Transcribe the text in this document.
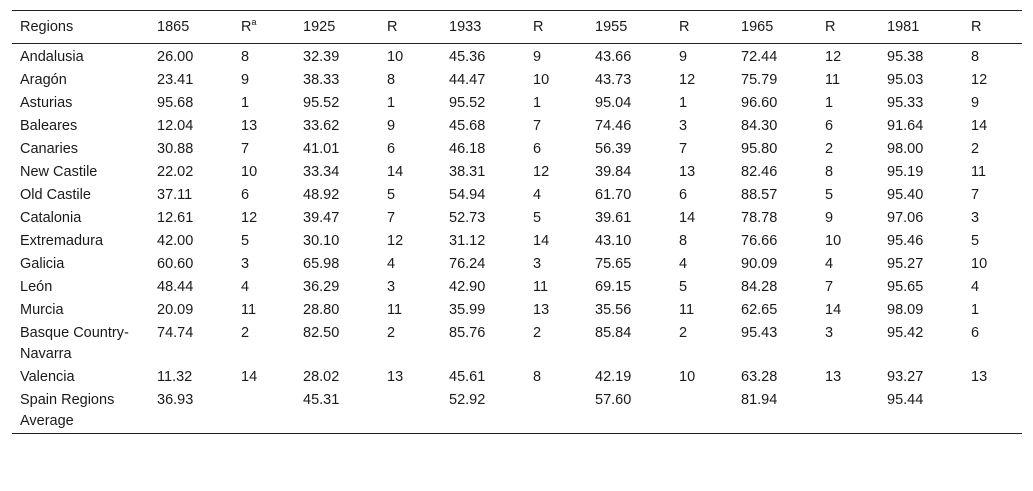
Regions	1865	$R^a$	1925	R	1933	R	1955	R	1965	R	1981	R
Andalusia	26.00	8	32.39	10	45.36	9	43.66	9	72.44	12	95.38	8
Aragón	23.41	9	38.33	8	44.47	10	43.73	12	75.79	11	95.03	12
Asturias	95.68	1	95.52	1	95.52	1	95.04	1	96.60	1	95.33	9
Baleares	12.04	13	33.62	9	45.68	7	74.46	3	84.30	6	91.64	14
Canaries	30.88	7	41.01	6	46.18	6	56.39	7	95.80	2	98.00	2
New Castile	22.02	10	33.34	14	38.31	12	39.84	13	82.46	8	95.19	11
Old Castile	37.11	6	48.92	5	54.94	4	61.70	6	88.57	5	95.40	7
Catalonia	12.61	12	39.47	7	52.73	5	39.61	14	78.78	9	97.06	3
Extremadura	42.00	5	30.10	12	31.12	14	43.10	8	76.66	10	95.46	5
Galicia	60.60	3	65.98	4	76.24	3	75.65	4	90.09	4	95.27	10
León	48.44	4	36.29	3	42.90	11	69.15	5	84.28	7	95.65	4
Murcia	20.09	11	28.80	11	35.99	13	35.56	11	62.65	14	98.09	1
Basque Country-Navarra	74.74	2	82.50	2	85.76	2	85.84	2	95.43	3	95.42	6
Valencia	11.32	14	28.02	13	45.61	8	42.19	10	63.28	13	93.27	13
Spain Regions Average	36.93		45.31		52.92		57.60		81.94		95.44	
